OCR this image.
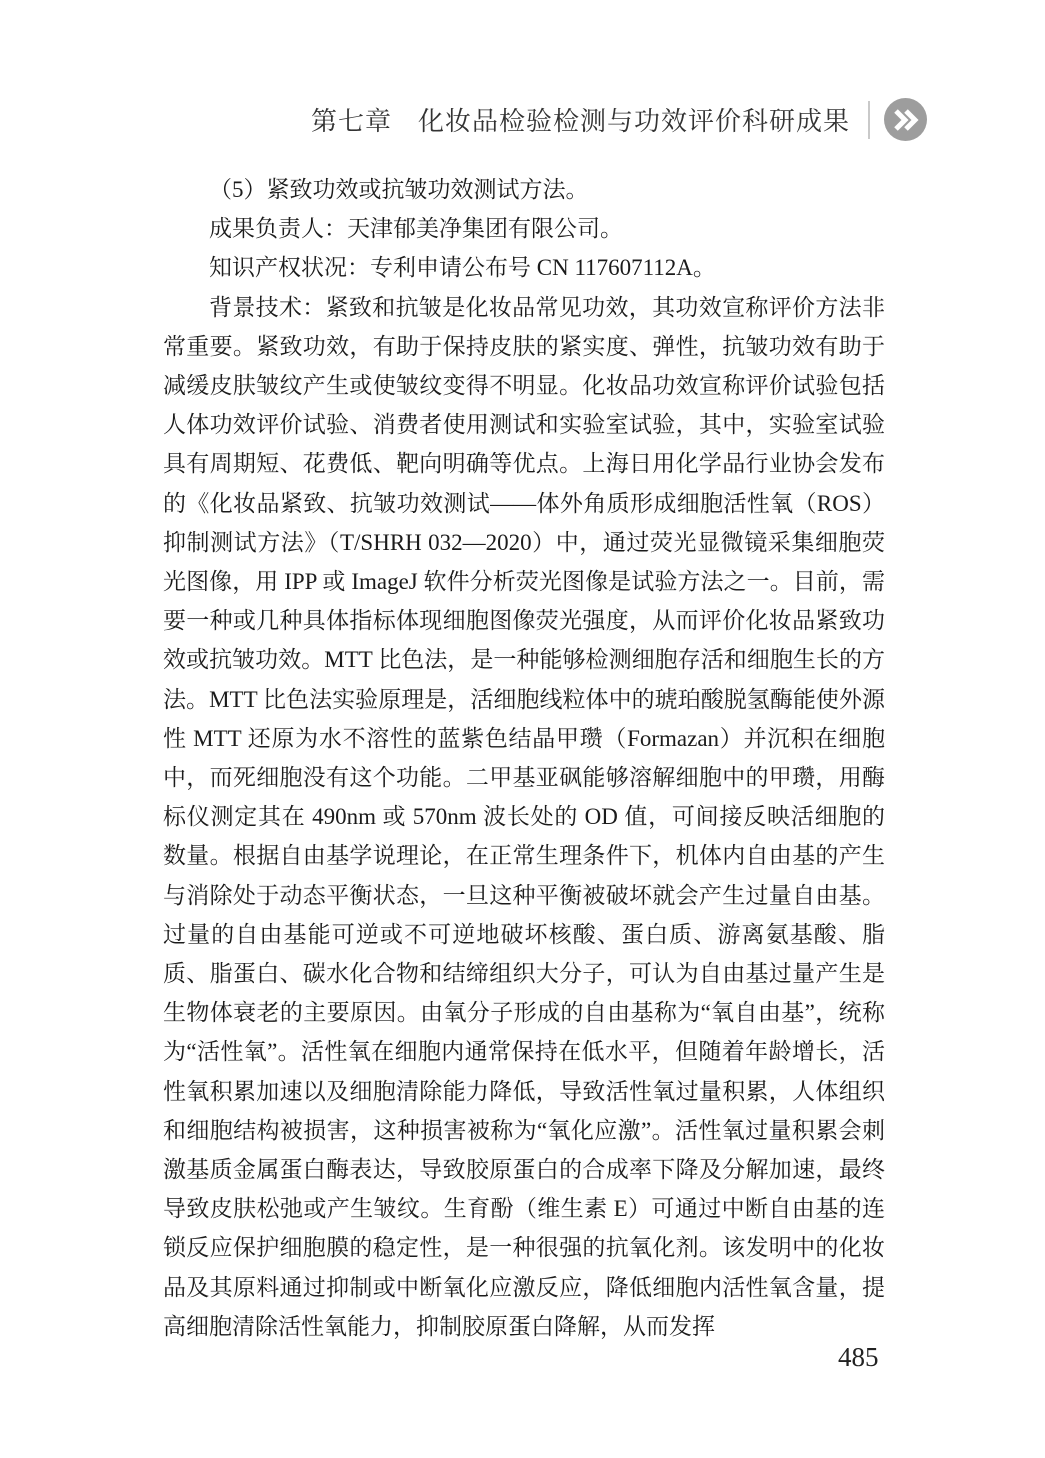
第七章 化妆品检验检测与功效评价科研成果

（5）紧致功效或抗皱功效测试方法。

成果负责人：天津郁美净集团有限公司。

知识产权状况：专利申请公布号 CN 117607112A。

背景技术：紧致和抗皱是化妆品常见功效，其功效宣称评价方法非常重要。紧致功效，有助于保持皮肤的紧实度、弹性，抗皱功效有助于减缓皮肤皱纹产生或使皱纹变得不明显。化妆品功效宣称评价试验包括人体功效评价试验、消费者使用测试和实验室试验，其中，实验室试验具有周期短、花费低、靶向明确等优点。上海日用化学品行业协会发布的《化妆品紧致、抗皱功效测试——体外角质形成细胞活性氧（ROS）抑制测试方法》（T/SHRH 032—2020）中，通过荧光显微镜采集细胞荧光图像，用 IPP 或 ImageJ 软件分析荧光图像是试验方法之一。目前，需要一种或几种具体指标体现细胞图像荧光强度，从而评价化妆品紧致功效或抗皱功效。MTT 比色法，是一种能够检测细胞存活和细胞生长的方法。MTT 比色法实验原理是，活细胞线粒体中的琥珀酸脱氢酶能使外源性 MTT 还原为水不溶性的蓝紫色结晶甲瓒（Formazan）并沉积在细胞中，而死细胞没有这个功能。二甲基亚砜能够溶解细胞中的甲瓒，用酶标仪测定其在 490nm 或 570nm 波长处的 OD 值，可间接反映活细胞的数量。根据自由基学说理论，在正常生理条件下，机体内自由基的产生与消除处于动态平衡状态，一旦这种平衡被破坏就会产生过量自由基。过量的自由基能可逆或不可逆地破坏核酸、蛋白质、游离氨基酸、脂质、脂蛋白、碳水化合物和结缔组织大分子，可认为自由基过量产生是生物体衰老的主要原因。由氧分子形成的自由基称为“氧自由基”，统称为“活性氧”。活性氧在细胞内通常保持在低水平，但随着年龄增长，活性氧积累加速以及细胞清除能力降低，导致活性氧过量积累，人体组织和细胞结构被损害，这种损害被称为“氧化应激”。活性氧过量积累会刺激基质金属蛋白酶表达，导致胶原蛋白的合成率下降及分解加速，最终导致皮肤松弛或产生皱纹。生育酚（维生素 E）可通过中断自由基的连锁反应保护细胞膜的稳定性，是一种很强的抗氧化剂。该发明中的化妆品及其原料通过抑制或中断氧化应激反应，降低细胞内活性氧含量，提高细胞清除活性氧能力，抑制胶原蛋白降解，从而发挥

485
